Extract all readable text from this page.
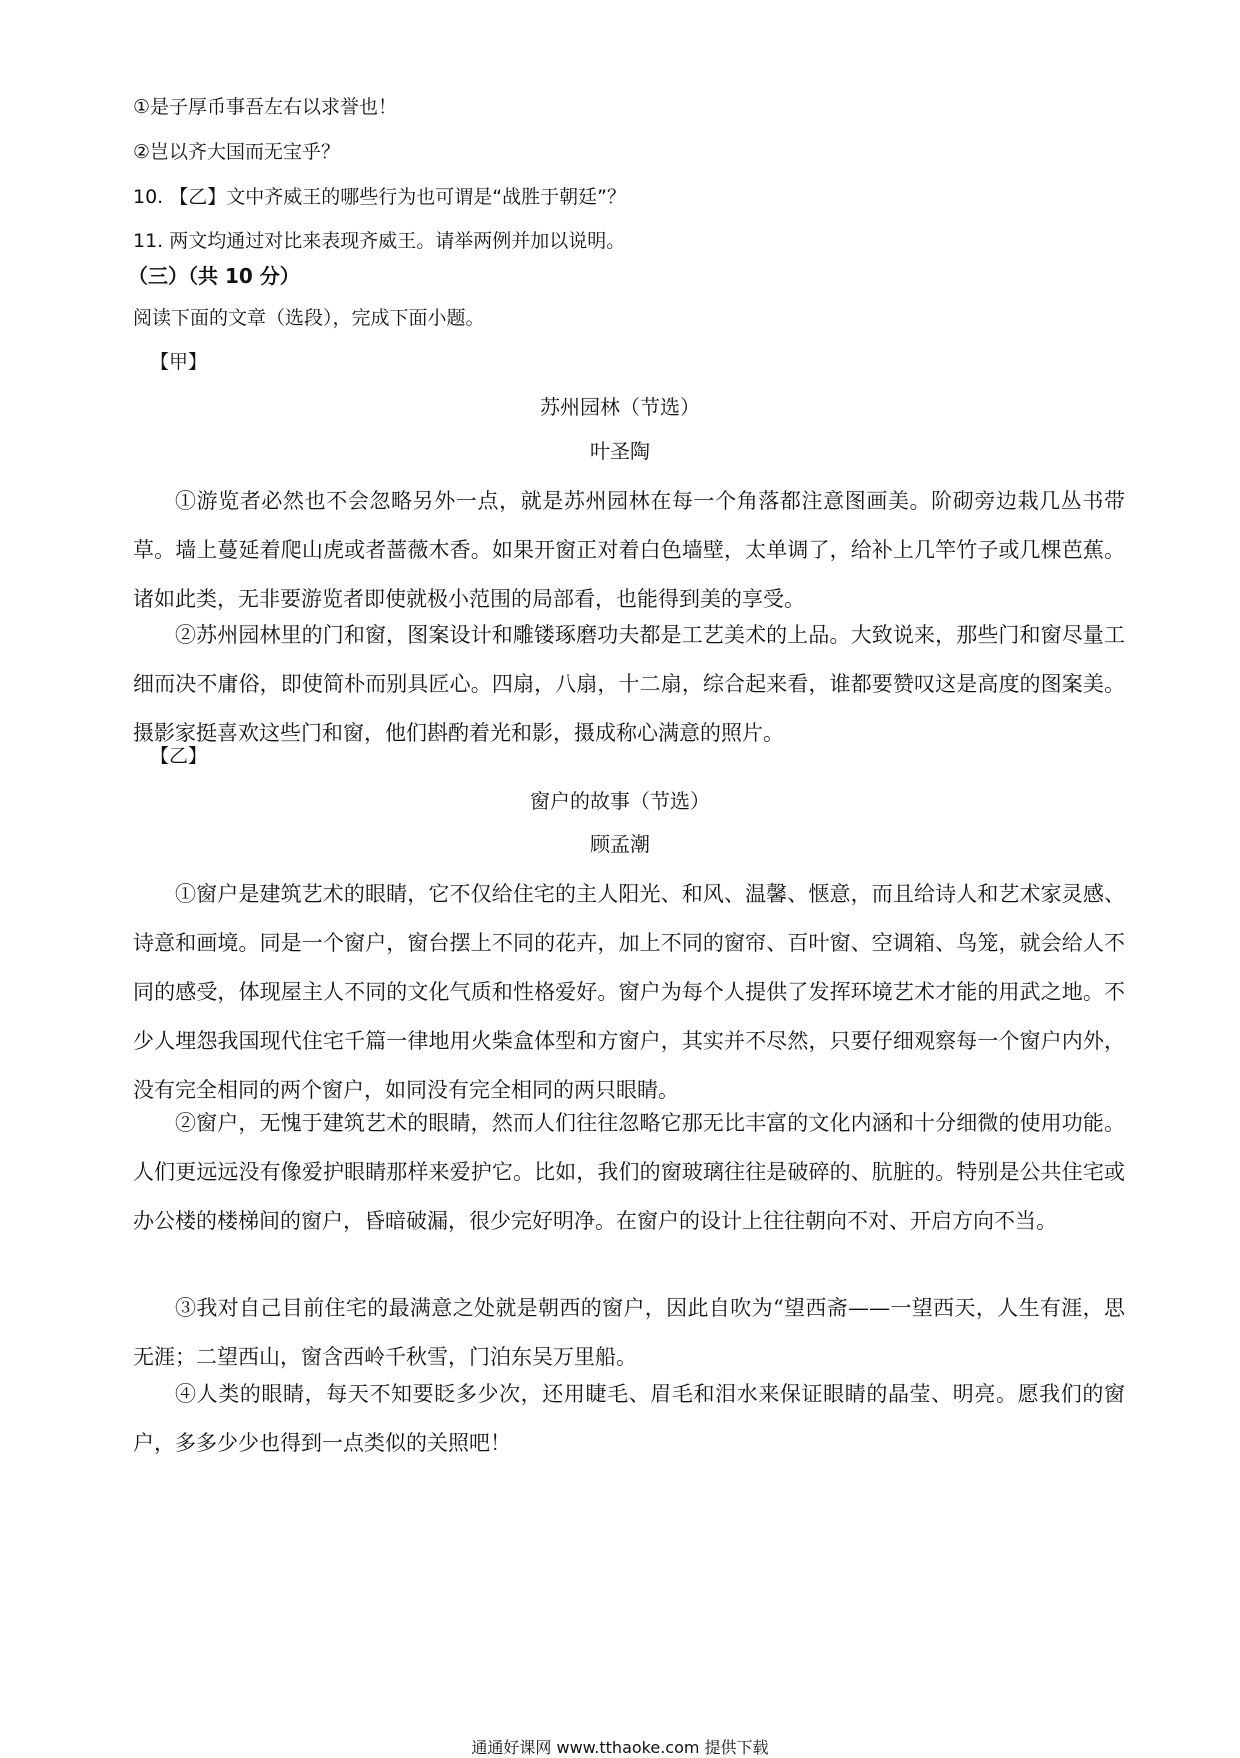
①是子厚币事吾左右以求誉也！

②岂以齐大国而无宝乎？

10. 【乙】文中齐威王的哪些行为也可谓是“战胜于朝廷”？

11. 两文均通过对比来表现齐威王。请举两例并加以说明。

（三）（共 10 分）

阅读下面的文章（选段），完成下面小题。

【甲】

苏州园林（节选）

叶圣陶

①游览者必然也不会忽略另外一点，就是苏州园林在每一个角落都注意图画美。阶砌旁边栽几丛书带草。墙上蔓延着爬山虎或者蔷薇木香。如果开窗正对着白色墙壁，太单调了，给补上几竿竹子或几棵芭蕉。诸如此类，无非要游览者即使就极小范围的局部看，也能得到美的享受。

②苏州园林里的门和窗，图案设计和雕镂琢磨功夫都是工艺美术的上品。大致说来，那些门和窗尽量工细而决不庸俗，即使简朴而别具匠心。四扇，八扇，十二扇，综合起来看，谁都要赞叹这是高度的图案美。摄影家挺喜欢这些门和窗，他们斟酌着光和影，摄成称心满意的照片。

【乙】

窗户的故事（节选）

顾孟潮

①窗户是建筑艺术的眼睛，它不仅给住宅的主人阳光、和风、温馨、惬意，而且给诗人和艺术家灵感、诗意和画境。同是一个窗户，窗台摆上不同的花卉，加上不同的窗帘、百叶窗、空调箱、鸟笼，就会给人不同的感受，体现屋主人不同的文化气质和性格爱好。窗户为每个人提供了发挥环境艺术才能的用武之地。不少人埋怨我国现代住宅千篇一律地用火柴盒体型和方窗户，其实并不尽然，只要仔细观察每一个窗户内外，没有完全相同的两个窗户，如同没有完全相同的两只眼睛。

②窗户，无愧于建筑艺术的眼睛，然而人们往往忽略它那无比丰富的文化内涵和十分细微的使用功能。人们更远远没有像爱护眼睛那样来爱护它。比如，我们的窗玻璃往往是破碎的、肮脏的。特别是公共住宅或办公楼的楼梯间的窗户，昏暗破漏，很少完好明净。在窗户的设计上往往朝向不对、开启方向不当。

③我对自己目前住宅的最满意之处就是朝西的窗户，因此自吹为“望西斋——一望西天，人生有涯，思无涯；二望西山，窗含西岭千秋雪，门泊东吴万里船。

④人类的眼睛，每天不知要眨多少次，还用睫毛、眉毛和泪水来保证眼睛的晶莹、明亮。愿我们的窗户，多多少少也得到一点类似的关照吧！

通通好课网 www.tthaoke.com 提供下载
